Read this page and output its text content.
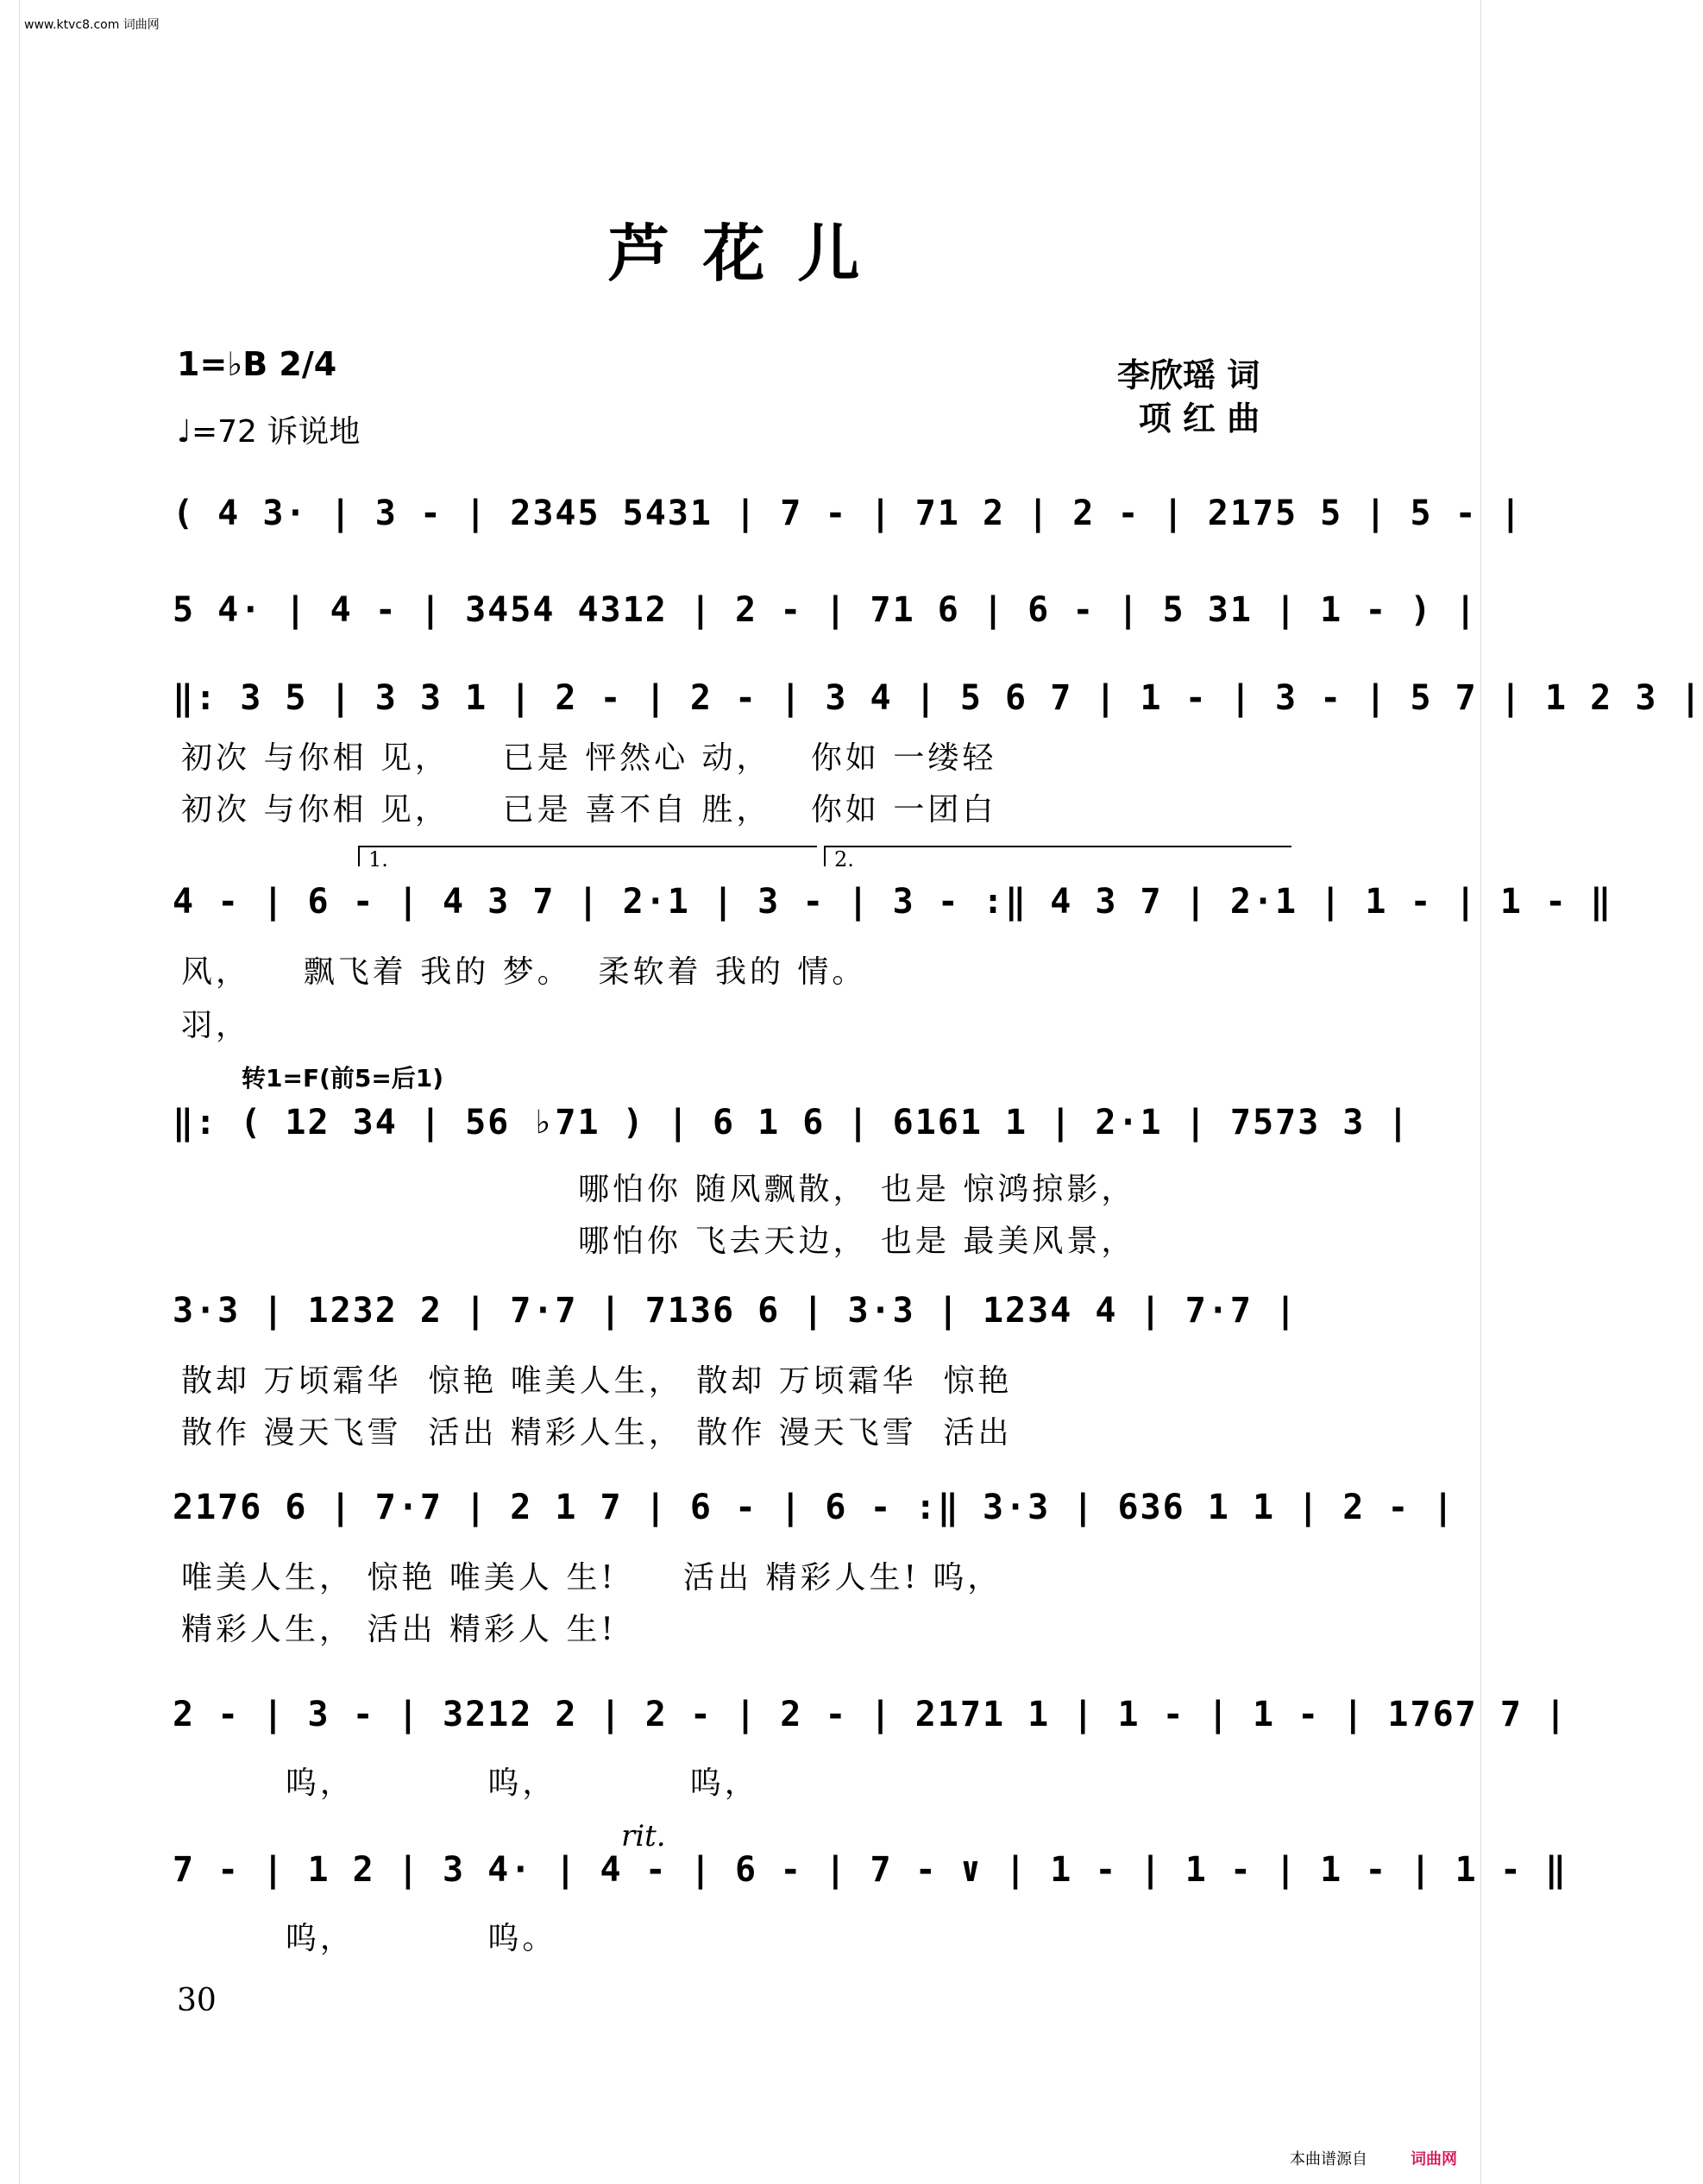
www.ktvc8.com 词曲网
芦花儿
1=♭B 2/4
♩=72 诉说地
李欣瑶 词
项 红 曲
( 4 3· | 3 - | 2345 5431 | 7 - | 71 2 | 2 - | 2175 5 | 5 - |
5 4· | 4 - | 3454 4312 | 2 - | 71 6 | 6 - | 5 31 | 1 - ) |
‖: 3 5 | 3 3 1 | 2 - | 2 - | 3 4 | 5 6 7 | 1 - | 3 - | 5 7 | 1 2 3 |
初次 与你相 见，    已是 怦然心 动，   你如 一缕轻
初次 与你相 见，    已是 喜不自 胜，   你如 一团白
1.	2.
4 - | 6 - | 4 3 7 | 2·1 | 3 - | 3 - :‖ 4 3 7 | 2·1 | 1 - | 1 - ‖
风，    飘飞着 我的 梦。  柔软着 我的 情。
羽，
转1=F(前5=后1)
‖: ( 12 34 | 56 ♭71 ) | 6 1 6 | 6161 1 | 2·1 | 7573 3 |
哪怕你 随风飘散， 也是 惊鸿掠影，
哪怕你 飞去天边， 也是 最美风景，
3·3 | 1232 2 | 7·7 | 7136 6 | 3·3 | 1234 4 | 7·7 |
散却 万顷霜华  惊艳 唯美人生， 散却 万顷霜华  惊艳
散作 漫天飞雪  活出 精彩人生， 散作 漫天飞雪  活出
2176 6 | 7·7 | 2 1 7 | 6 - | 6 - :‖ 3·3 | 636 1 1 | 2 - |
唯美人生， 惊艳 唯美人 生!     活出 精彩人生! 呜，
精彩人生， 活出 精彩人 生!
2 - | 3 - | 3212 2 | 2 - | 2 - | 2171 1 | 1 - | 1 - | 1767 7 |
呜，          呜，          呜，
rit.
7 - | 1 2 | 3 4· | 4 - | 6 - | 7 - ∨ | 1 - | 1 - | 1 - | 1 - ‖
呜，          呜。
30
本曲谱源自	词曲网
